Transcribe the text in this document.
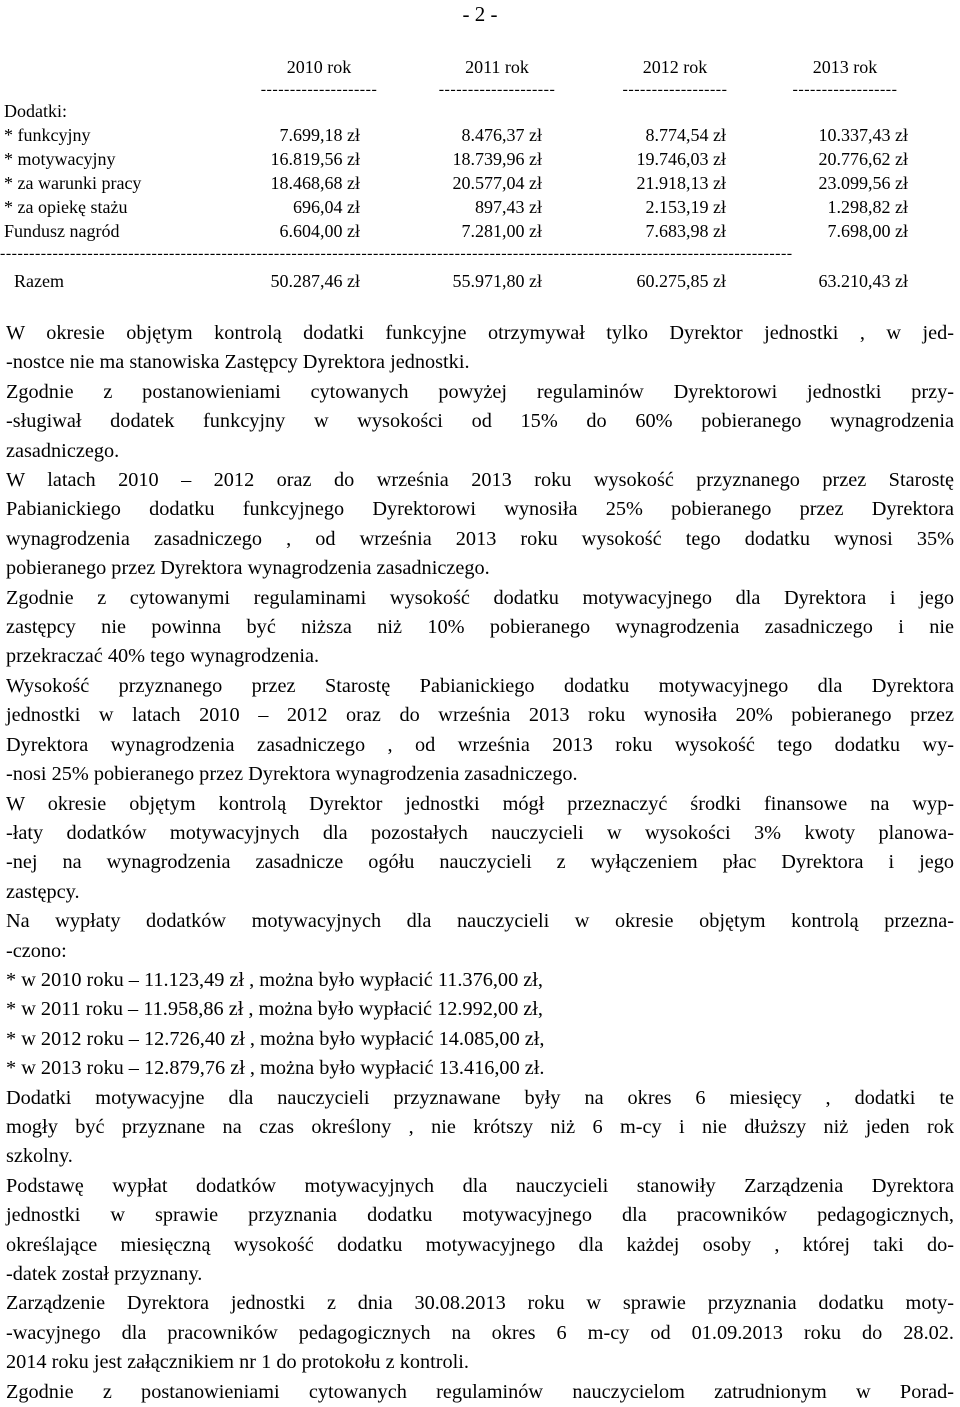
- 2 -
2010 rok	2011 rok	2012 rok	2013 rok
--------------------	--------------------	------------------	------------------
Dodatki:
* funkcyjny	7.699,18 zł	8.476,37 zł	8.774,54 zł	10.337,43 zł
* motywacyjny	16.819,56 zł	18.739,96 zł	19.746,03 zł	20.776,62 zł
* za warunki pracy	18.468,68 zł	20.577,04 zł	21.918,13 zł	23.099,56 zł
* za opiekę stażu	696,04 zł	897,43 zł	2.153,19 zł	1.298,82 zł
Fundusz nagród	6.604,00 zł	7.281,00 zł	7.683,98 zł	7.698,00 zł
----------------------------------------------------------------------------------------------------------------------------------------
Razem	50.287,46 zł	55.971,80 zł	60.275,85 zł	63.210,43 zł
W okresie objętym kontrolą dodatki funkcyjne otrzymywał tylko Dyrektor jednostki , w jed-
-nostce nie ma stanowiska Zastępcy Dyrektora jednostki.
Zgodnie z postanowieniami cytowanych powyżej regulaminów Dyrektorowi jednostki przy-
-sługiwał dodatek funkcyjny w wysokości od 15% do 60% pobieranego wynagrodzenia
zasadniczego.
W latach 2010 – 2012 oraz do września 2013 roku wysokość przyznanego przez Starostę
Pabianickiego dodatku funkcyjnego Dyrektorowi wynosiła 25% pobieranego przez Dyrektora
wynagrodzenia zasadniczego , od września 2013 roku wysokość tego dodatku wynosi 35%
pobieranego przez Dyrektora wynagrodzenia zasadniczego.
Zgodnie z cytowanymi regulaminami wysokość dodatku motywacyjnego dla Dyrektora i jego
zastępcy nie powinna być niższa niż 10% pobieranego wynagrodzenia zasadniczego i nie
przekraczać 40% tego wynagrodzenia.
Wysokość przyznanego przez Starostę Pabianickiego dodatku motywacyjnego dla Dyrektora
jednostki w latach 2010 – 2012 oraz do września 2013 roku wynosiła 20% pobieranego przez
Dyrektora wynagrodzenia zasadniczego , od września 2013 roku wysokość tego dodatku wy-
-nosi 25% pobieranego przez Dyrektora wynagrodzenia zasadniczego.
W okresie objętym kontrolą Dyrektor jednostki mógł przeznaczyć środki finansowe na wyp-
-łaty dodatków motywacyjnych dla pozostałych nauczycieli w wysokości 3% kwoty planowa-
-nej na wynagrodzenia zasadnicze ogółu nauczycieli z wyłączeniem płac Dyrektora i jego
zastępcy.
Na wypłaty dodatków motywacyjnych dla nauczycieli w okresie objętym kontrolą przezna-
-czono:
* w 2010 roku – 11.123,49 zł , można było wypłacić 11.376,00 zł,
* w 2011 roku – 11.958,86 zł , można było wypłacić 12.992,00 zł,
* w 2012 roku – 12.726,40 zł , można było wypłacić 14.085,00 zł,
* w 2013 roku – 12.879,76 zł , można było wypłacić 13.416,00 zł.
Dodatki motywacyjne dla nauczycieli przyznawane były na okres 6 miesięcy , dodatki te
mogły być przyznane na czas określony , nie krótszy niż 6 m-cy i nie dłuższy niż jeden rok
szkolny.
Podstawę wypłat dodatków motywacyjnych dla nauczycieli stanowiły Zarządzenia Dyrektora
jednostki w sprawie przyznania dodatku motywacyjnego dla pracowników pedagogicznych,
określające miesięczną wysokość dodatku motywacyjnego dla każdej osoby , której taki do-
-datek został przyznany.
Zarządzenie Dyrektora jednostki z dnia 30.08.2013 roku w sprawie przyznania dodatku moty-
-wacyjnego dla pracowników pedagogicznych na okres 6 m-cy od 01.09.2013 roku do 28.02.
2014 roku jest załącznikiem nr 1 do protokołu z kontroli.
Zgodnie z postanowieniami cytowanych regulaminów nauczycielom zatrudnionym w Porad-
